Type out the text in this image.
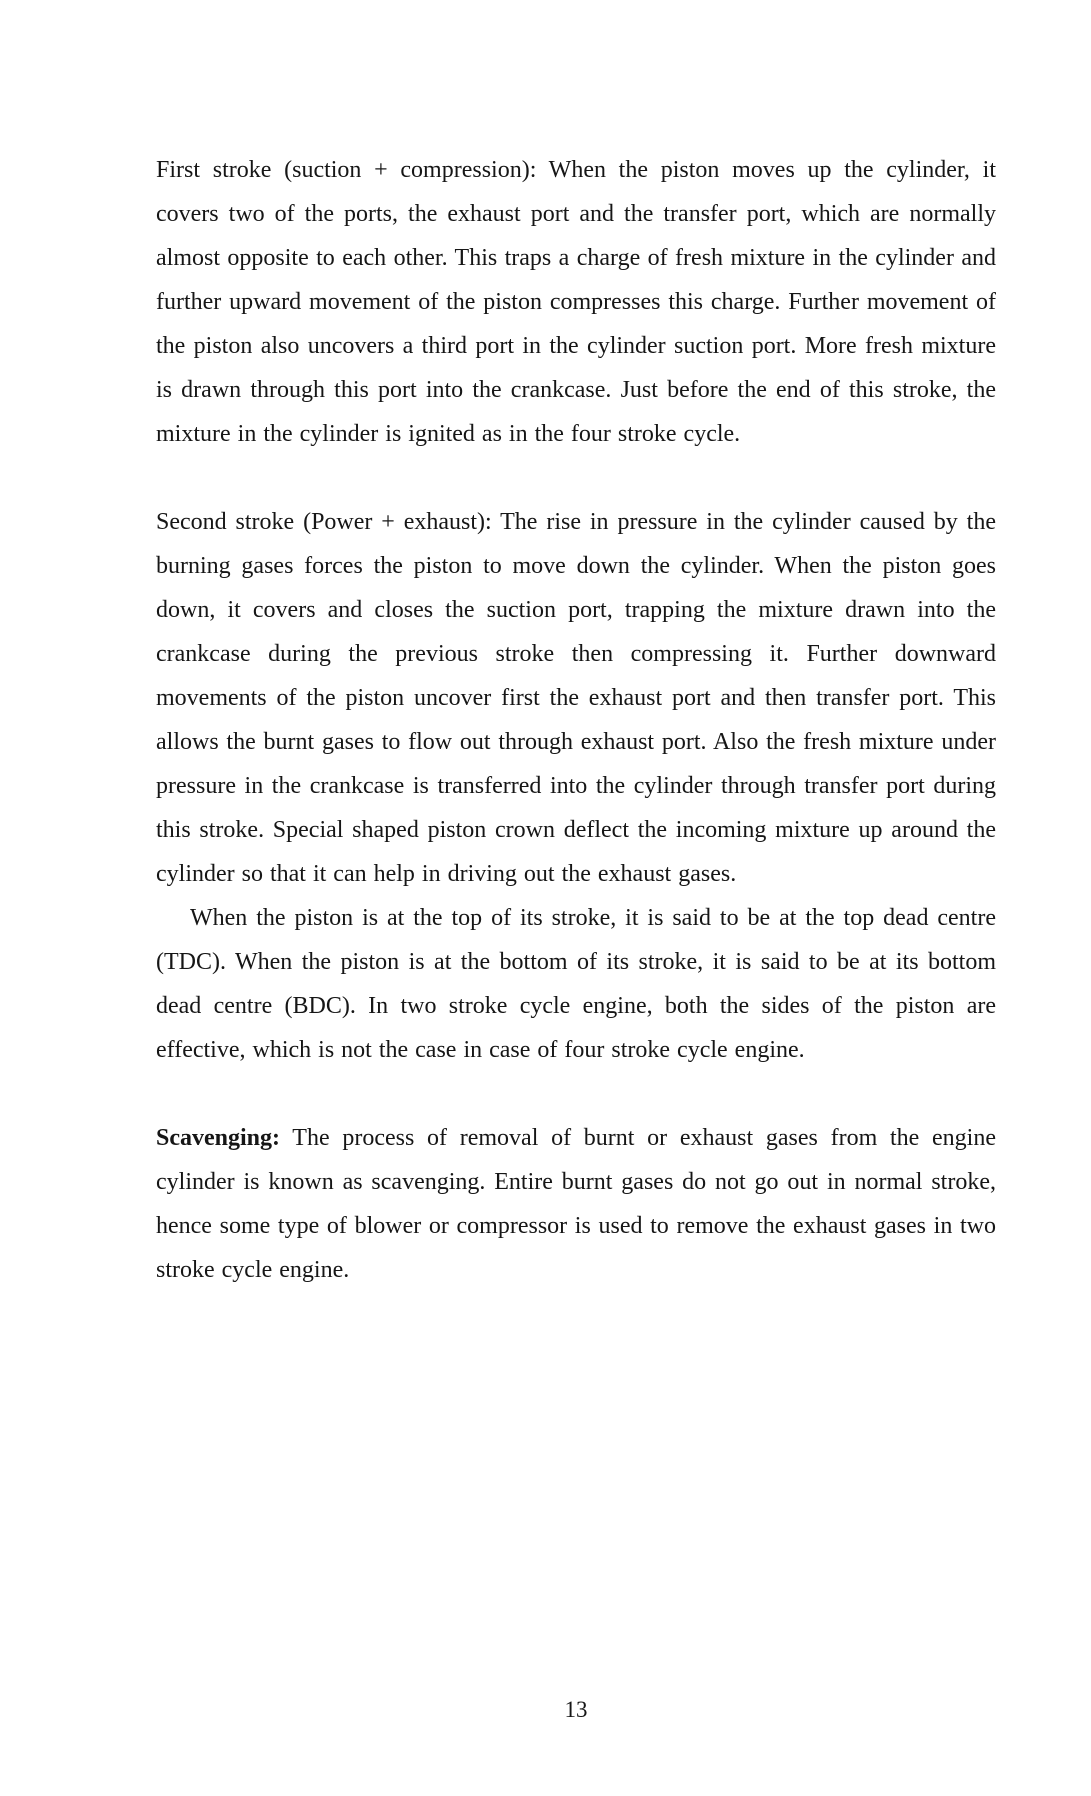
First stroke (suction + compression): When the piston moves up the cylinder, it covers two of the ports, the exhaust port and the transfer port, which are normally almost opposite to each other. This traps a charge of fresh mixture in the cylinder and further upward movement of the piston compresses this charge. Further movement of the piston also uncovers a third port in the cylinder suction port. More fresh mixture is drawn through this port into the crankcase. Just before the end of this stroke, the mixture in the cylinder is ignited as in the four stroke cycle.

Second stroke (Power + exhaust): The rise in pressure in the cylinder caused by the burning gases forces the piston to move down the cylinder. When the piston goes down, it covers and closes the suction port, trapping the mixture drawn into the crankcase during the previous stroke then compressing it. Further downward movements of the piston uncover first the exhaust port and then transfer port. This allows the burnt gases to flow out through exhaust port. Also the fresh mixture under pressure in the crankcase is transferred into the cylinder through transfer port during this stroke. Special shaped piston crown deflect the incoming mixture up around the cylinder so that it can help in driving out the exhaust gases.

When the piston is at the top of its stroke, it is said to be at the top dead centre (TDC). When the piston is at the bottom of its stroke, it is said to be at its bottom dead centre (BDC). In two stroke cycle engine, both the sides of the piston are effective, which is not the case in case of four stroke cycle engine.

Scavenging: The process of removal of burnt or exhaust gases from the engine cylinder is known as scavenging. Entire burnt gases do not go out in normal stroke, hence some type of blower or compressor is used to remove the exhaust gases in two stroke cycle engine.

13
